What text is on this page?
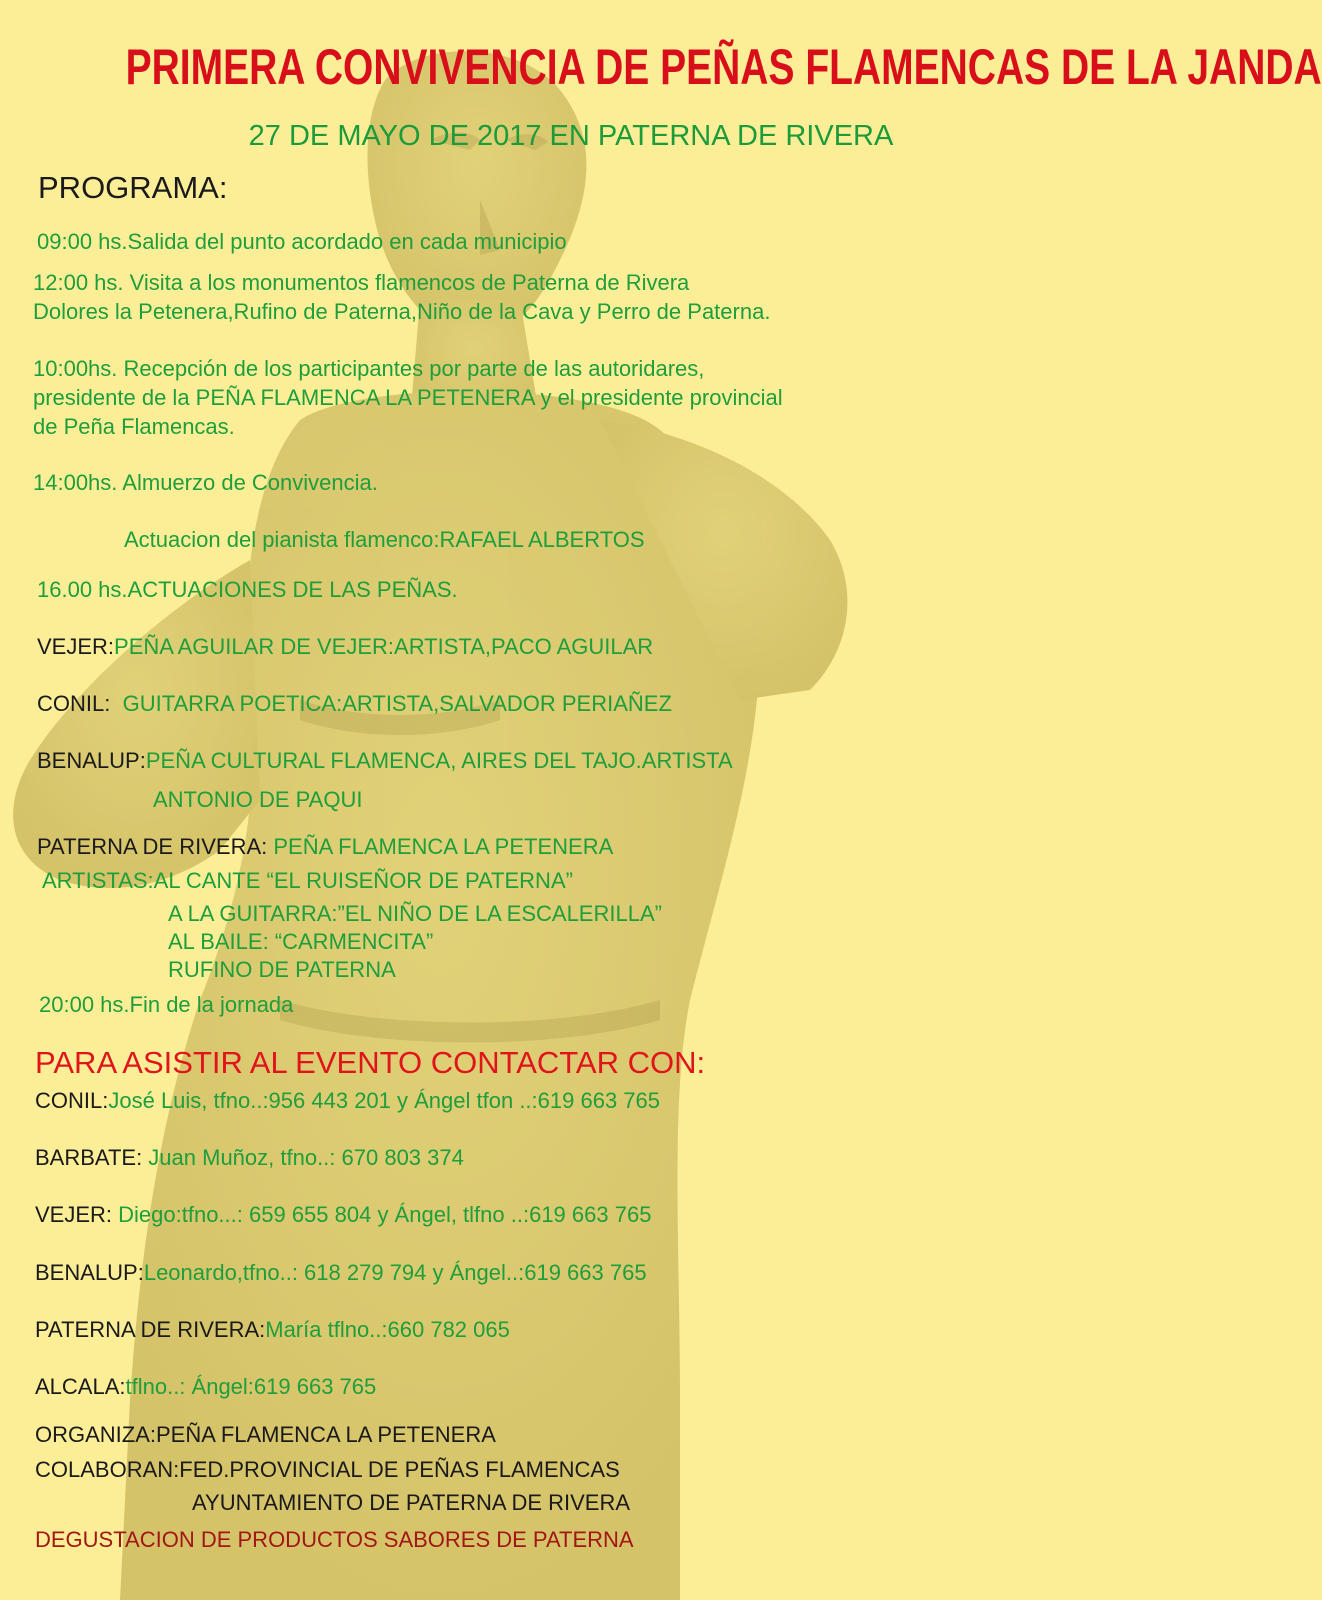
PRIMERA CONVIVENCIA DE PEÑAS FLAMENCAS DE LA JANDA
27 DE MAYO DE 2017 EN PATERNA DE RIVERA
PROGRAMA:
09:00 hs.Salida del punto acordado en cada municipio
12:00 hs. Visita a los monumentos flamencos de Paterna de Rivera
Dolores la Petenera,Rufino de Paterna,Niño de la Cava y Perro de Paterna.
10:00hs. Recepción de los participantes por parte de las autoridares,
presidente de la PEÑA FLAMENCA LA PETENERA y el presidente provincial
de Peña Flamencas.
14:00hs. Almuerzo de Convivencia.
Actuacion del pianista flamenco:RAFAEL ALBERTOS
16.00 hs.ACTUACIONES DE LAS PEÑAS.
VEJER:PEÑA AGUILAR DE VEJER:ARTISTA,PACO AGUILAR
CONIL: GUITARRA POETICA:ARTISTA,SALVADOR PERIAÑEZ
BENALUP:PEÑA CULTURAL FLAMENCA, AIRES DEL TAJO.ARTISTA
ANTONIO DE PAQUI
PATERNA DE RIVERA: PEÑA FLAMENCA LA PETENERA
ARTISTAS:AL CANTE “EL RUISEÑOR DE PATERNA”
A LA GUITARRA:”EL NIÑO DE LA ESCALERILLA”
AL BAILE: “CARMENCITA”
RUFINO DE PATERNA
20:00 hs.Fin de la jornada
PARA ASISTIR AL EVENTO CONTACTAR CON:
CONIL:José Luis, tfno..:956 443 201 y Ángel tfon ..:619 663 765
BARBATE: Juan Muñoz, tfno..: 670 803 374
VEJER: Diego:tfno...: 659 655 804 y Ángel, tlfno ..:619 663 765
BENALUP:Leonardo,tfno..: 618 279 794 y Ángel..:619 663 765
PATERNA DE RIVERA:María tflno..:660 782 065
ALCALA:tflno..: Ángel:619 663 765
ORGANIZA:PEÑA FLAMENCA LA PETENERA
COLABORAN:FED.PROVINCIAL DE PEÑAS FLAMENCAS
AYUNTAMIENTO DE PATERNA DE RIVERA
DEGUSTACION DE PRODUCTOS SABORES DE PATERNA
